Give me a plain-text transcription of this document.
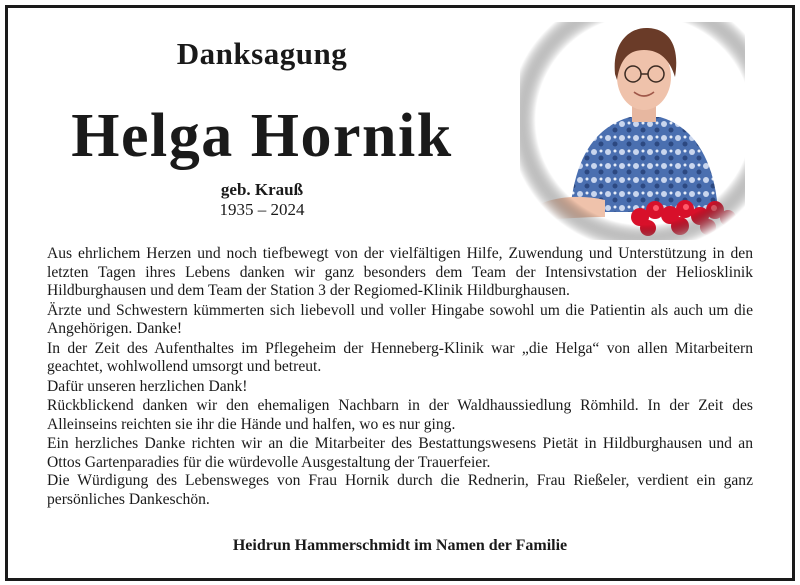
Danksagung
Helga Hornik
geb. Krauß
1935 – 2024

Aus ehrlichem Herzen und noch tiefbewegt von der vielfältigen Hilfe, Zuwendung und Unterstützung in den letzten Tagen ihres Lebens danken wir ganz besonders dem Team der Intensivstation der Heliosklinik Hildburghausen und dem Team der Station 3 der Regiomed-Klinik Hildburghausen.

Ärzte und Schwestern kümmerten sich liebevoll und voller Hingabe sowohl um die Patientin als auch um die Angehörigen. Danke!

In der Zeit des Aufenthaltes im Pflegeheim der Henneberg-Klinik war „die Helga“ von allen Mitarbeitern geachtet, wohlwollend umsorgt und betreut.

Dafür unseren herzlichen Dank!

Rückblickend danken wir den ehemaligen Nachbarn in der Waldhaussiedlung Römhild. In der Zeit des Alleinseins reichten sie ihr die Hände und halfen, wo es nur ging.

Ein herzliches Danke richten wir an die Mitarbeiter des Bestattungswesens Pietät in Hildburghausen und an Ottos Gartenparadies für die würdevolle Ausgestaltung der Trauerfeier.

Die Würdigung des Lebensweges von Frau Hornik durch die Rednerin, Frau Rießeler, verdient ein ganz persönliches Dankeschön.

Heidrun Hammerschmidt im Namen der Familie
